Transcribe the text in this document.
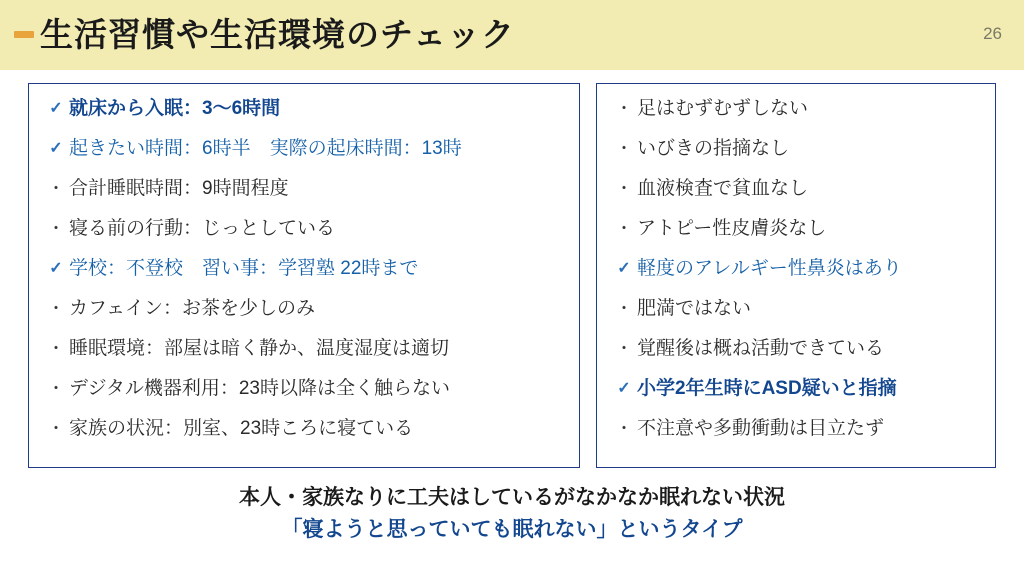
生活習慣や生活環境のチェック	26
✓ 就床から入眠：3〜6時間
✓ 起きたい時間：6時半　実際の起床時間：13時
・ 合計睡眠時間：9時間程度
・ 寝る前の行動：じっとしている
✓ 学校：不登校　習い事：学習塾 22時まで
・ カフェイン：お茶を少しのみ
・ 睡眠環境：部屋は暗く静か、温度湿度は適切
・ デジタル機器利用：23時以降は全く触らない
・ 家族の状況：別室、23時ころに寝ている
・ 足はむずむずしない
・ いびきの指摘なし
・ 血液検査で貧血なし
・ アトピー性皮膚炎なし
✓ 軽度のアレルギー性鼻炎はあり
・ 肥満ではない
・ 覚醒後は概ね活動できている
✓ 小学2年生時にASD疑いと指摘
・ 不注意や多動衝動は目立たず
本人・家族なりに工夫はしているがなかなか眠れない状況
「寝ようと思っていても眠れない」というタイプ
